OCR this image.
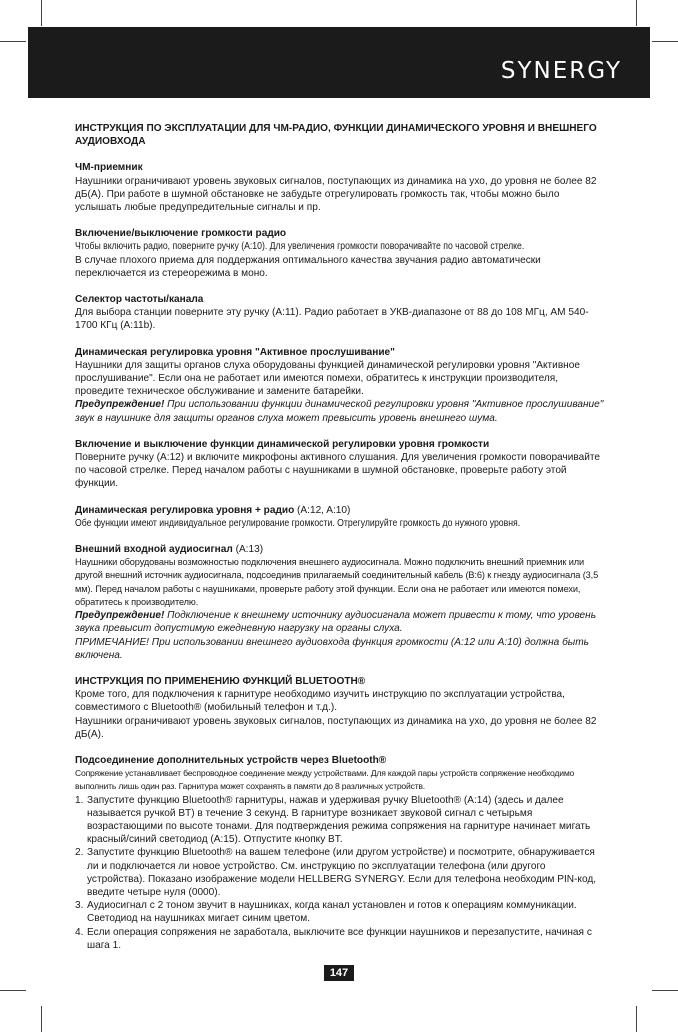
SYNERGY

ИНСТРУКЦИЯ ПО ЭКСПЛУАТАЦИИ ДЛЯ ЧМ-РАДИО, ФУНКЦИИ ДИНАМИЧЕСКОГО УРОВНЯ И ВНЕШНЕГО АУДИОВХОДА

ЧМ-приемник

Наушники ограничивают уровень звуковых сигналов, поступающих из динамика на ухо, до уровня не более 82 дБ(A). При работе в шумной обстановке не забудьте отрегулировать громкость так, чтобы можно было услышать любые предупредительные сигналы и пр.

Включение/выключение громкости радио

Чтобы включить радио, поверните ручку (A:10). Для увеличения громкости поворачивайте по часовой стрелке.

В случае плохого приема для поддержания оптимального качества звучания радио автоматически переключается из стереорежима в моно.

Селектор частоты/канала

Для выбора станции поверните эту ручку (A:11). Радио работает в УКВ-диапазоне от 88 до 108 МГц, AM 540-1700 КГц (A:11b).

Динамическая регулировка уровня "Активное прослушивание"

Наушники для защиты органов слуха оборудованы функцией динамической регулировки уровня "Активное прослушивание". Если она не работает или имеются помехи, обратитесь к инструкции производителя, проведите техническое обслуживание и замените батарейки.

Предупреждение! При использовании функции динамической регулировки уровня "Активное прослушивание" звук в наушнике для защиты органов слуха может превысить уровень внешнего шума.

Включение и выключение функции динамической регулировки уровня громкости

Поверните ручку (A:12) и включите микрофоны активного слушания. Для увеличения громкости поворачивайте по часовой стрелке. Перед началом работы с наушниками в шумной обстановке, проверьте работу этой функции.

Динамическая регулировка уровня + радио (A:12, A:10)

Обе функции имеют индивидуальное регулирование громкости. Отрегулируйте громкость до нужного уровня.

Внешний входной аудиосигнал (A:13)

Наушники оборудованы возможностью подключения внешнего аудиосигнала. Можно подключить внешний приемник или другой внешний источник аудиосигнала, подсоединив прилагаемый соединительный кабель (B:6) к гнезду аудиосигнала (3,5 мм). Перед началом работы с наушниками, проверьте работу этой функции. Если она не работает или имеются помехи, обратитесь к производителю.

Предупреждение! Подключение к внешнему источнику аудиосигнала может привести к тому, что уровень звука превысит допустимую ежедневную нагрузку на органы слуха.

ПРИМЕЧАНИЕ! При использовании внешнего аудиовхода функция громкости (A:12 или A:10) должна быть включена.

ИНСТРУКЦИЯ ПО ПРИМЕНЕНИЮ ФУНКЦИЙ BLUETOOTH®

Кроме того, для подключения к гарнитуре необходимо изучить инструкцию по эксплуатации устройства, совместимого с Bluetooth® (мобильный телефон и т.д.).

Наушники ограничивают уровень звуковых сигналов, поступающих из динамика на ухо, до уровня не более 82 дБ(A).

Подсоединение дополнительных устройств через Bluetooth®

Сопряжение устанавливает беспроводное соединение между устройствами. Для каждой пары устройств сопряжение необходимо выполнить лишь один раз. Гарнитура может сохранять в памяти до 8 различных устройств.

1. Запустите функцию Bluetooth® гарнитуры, нажав и удерживая ручку Bluetooth® (A:14) (здесь и далее называется ручкой BT) в течение 3 секунд. В гарнитуре возникает звуковой сигнал с четырьмя возрастающими по высоте тонами. Для подтверждения режима сопряжения на гарнитуре начинает мигать красный/синий светодиод (A:15). Отпустите кнопку BT.
2. Запустите функцию Bluetooth® на вашем телефоне (или другом устройстве) и посмотрите, обнаруживается ли и подключается ли новое устройство. См. инструкцию по эксплуатации телефона (или другого устройства). Показано изображение модели HELLBERG SYNERGY. Если для телефона необходим PIN-код, введите четыре нуля (0000).
3. Аудиосигнал с 2 тоном звучит в наушниках, когда канал установлен и готов к операциям коммуникации. Светодиод на наушниках мигает синим цветом.
4. Если операция сопряжения не заработала, выключите все функции наушников и перезапустите, начиная с шага 1.
147
